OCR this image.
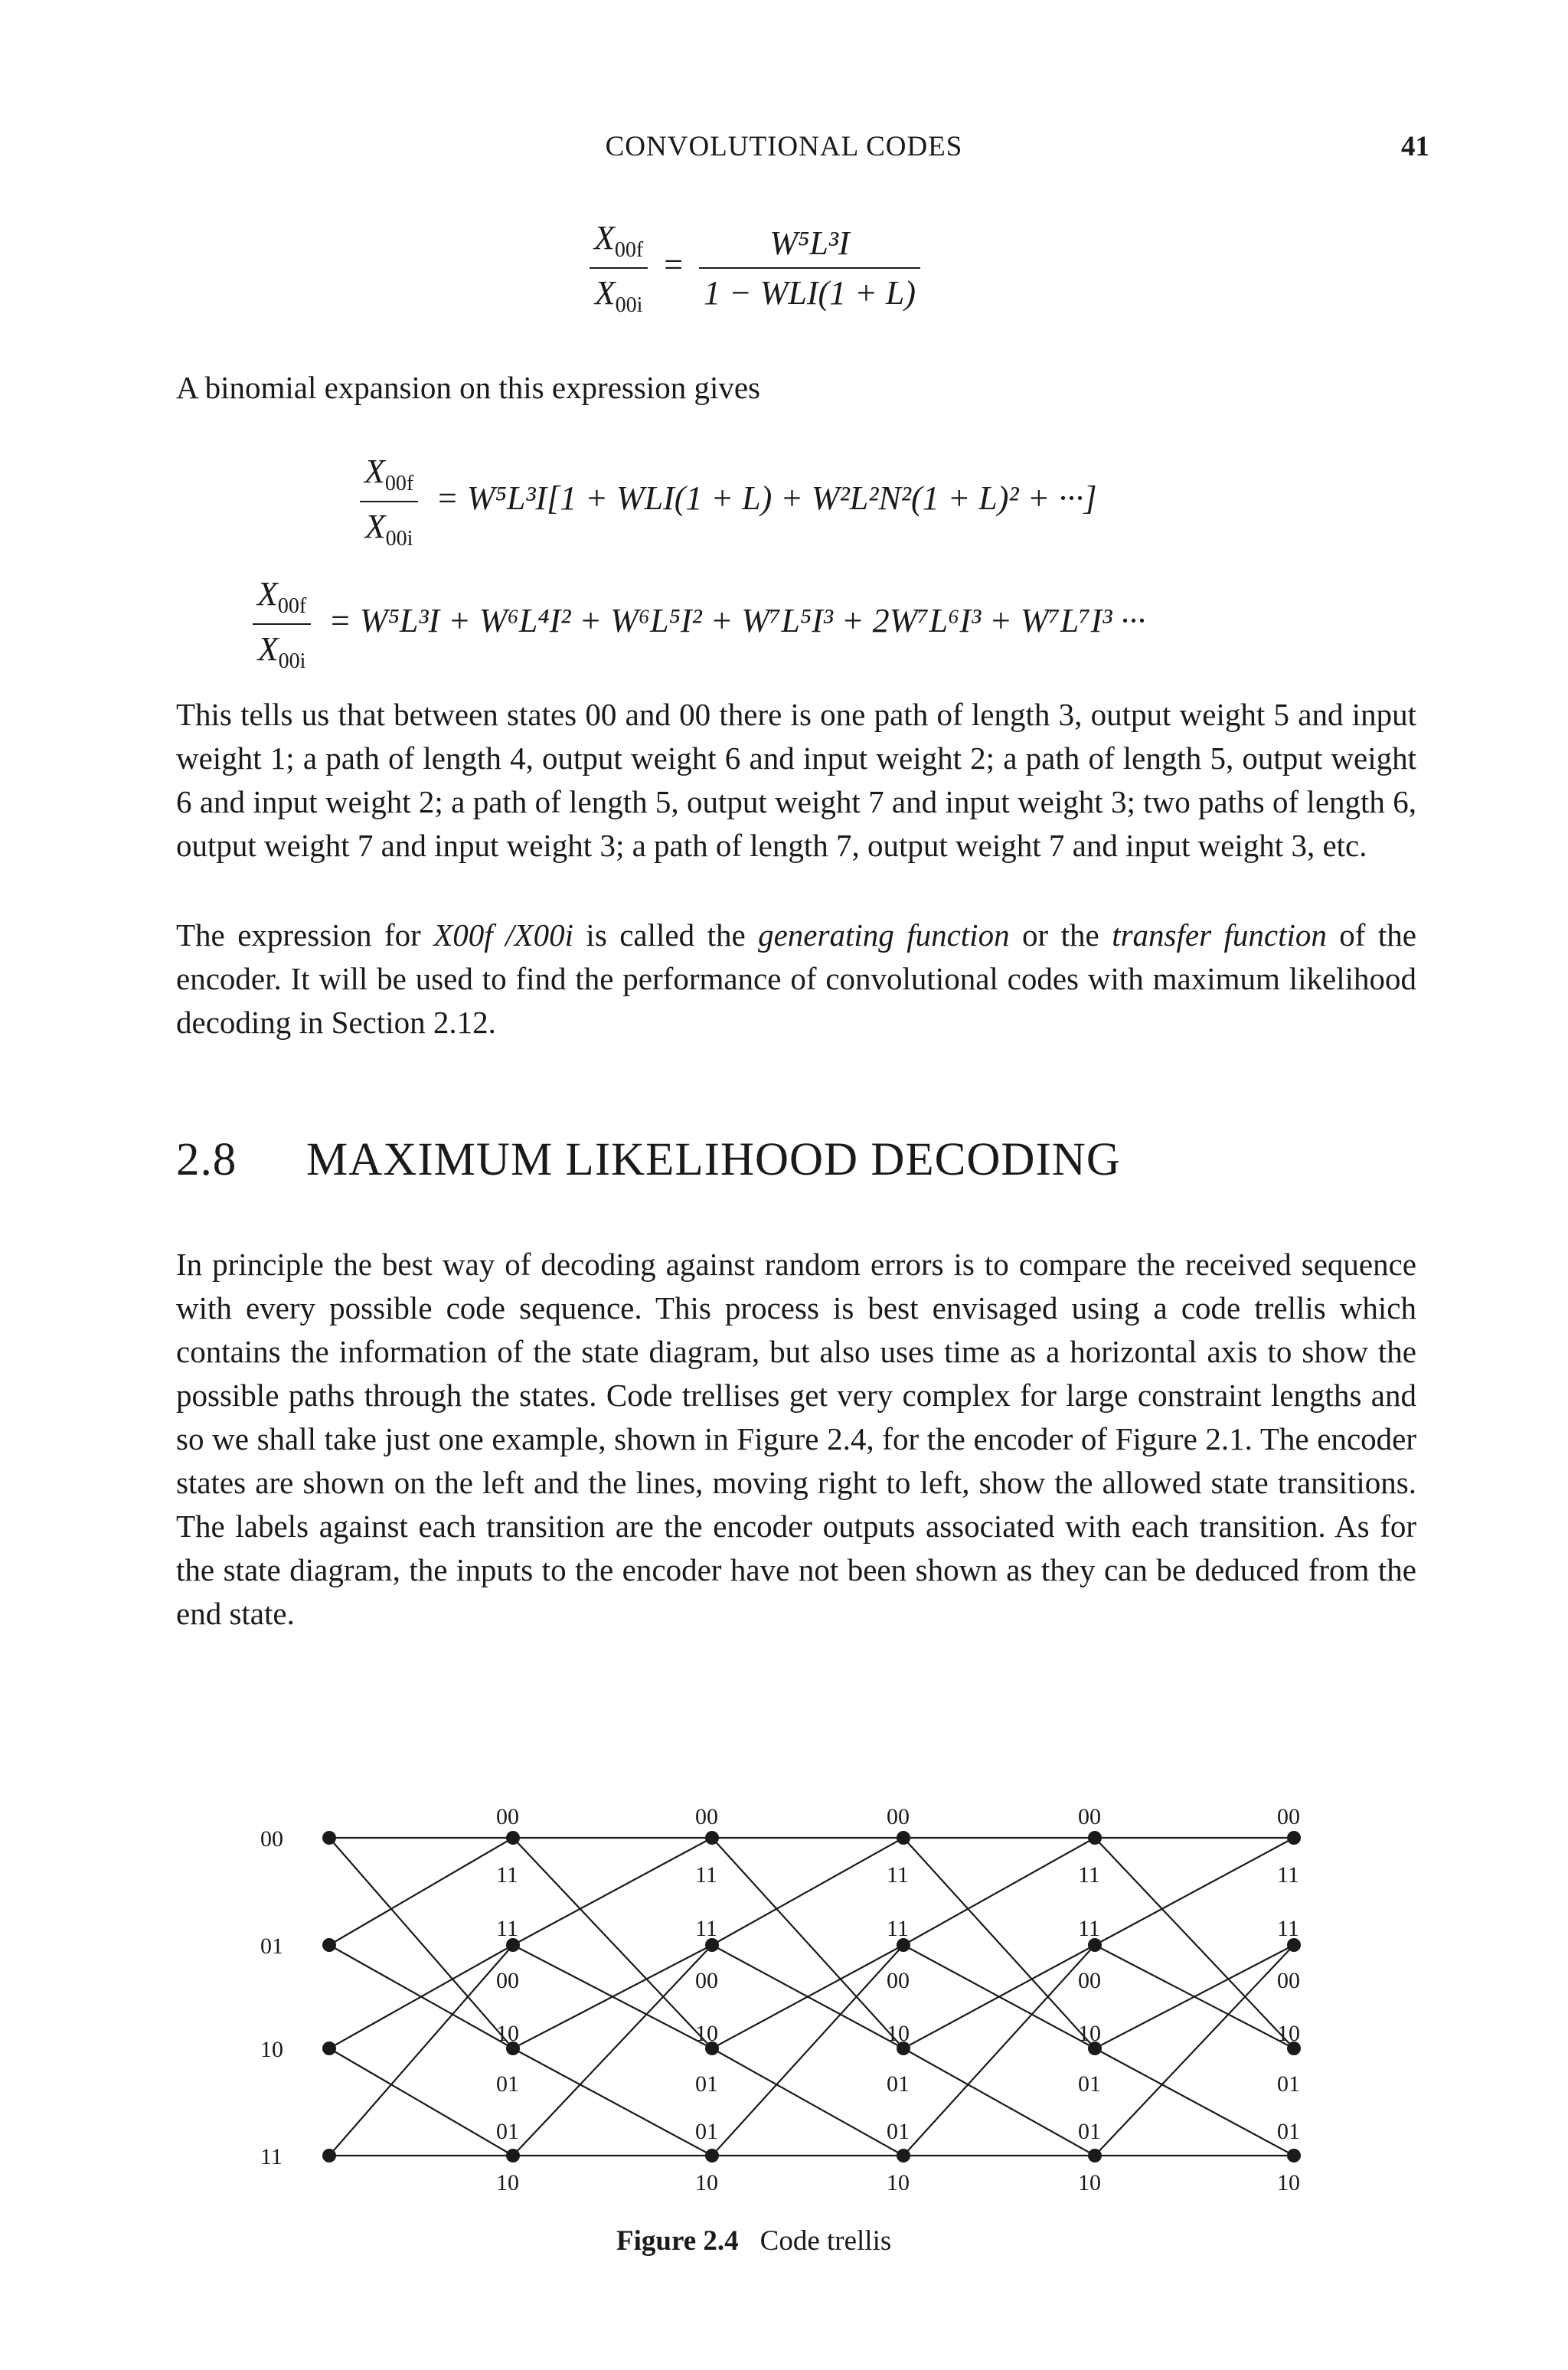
CONVOLUTIONAL CODES	41
$\frac{X_{00f}}{X_{00i}} = \frac{\text{W⁵L³I}}{\text{1 − WLI(1 + L)}}$
A binomial expansion on this expression gives
$\frac{X_{00f}}{X_{00i}} = W^5L^3I[1 + WLI(1 + L) + W^2L^2N^2(1 + L)^2$ + ···]
$\frac{X_{00f}}{X_{00i}} = W^5L^3I + W^6L^4I^2 + W^6L^5I^2 + W^7L^5I^3 + 2W^7L^6I^3 + W^7L^7I^3$ ···
This tells us that between states 00 and 00 there is one path of length 3, output weight 5 and input weight 1; a path of length 4, output weight 6 and input weight 2; a path of length 5, output weight 6 and input weight 2; a path of length 5, output weight 7 and input weight 3; two paths of length 6, output weight 7 and input weight 3; a path of length 7, output weight 7 and input weight 3, etc.
The expression for X00f /X00i is called the generating function or the transfer function of the encoder. It will be used to find the performance of convolutional codes with maximum likelihood decoding in Section 2.12.
2.8 MAXIMUM LIKELIHOOD DECODING
In principle the best way of decoding against random errors is to compare the received sequence with every possible code sequence. This process is best envisaged using a code trellis which contains the information of the state diagram, but also uses time as a horizontal axis to show the possible paths through the states. Code trellises get very complex for large constraint lengths and so we shall take just one example, shown in Figure 2.4, for the encoder of Figure 2.1. The encoder states are shown on the left and the lines, moving right to left, show the allowed state transitions. The labels against each transition are the encoder outputs associated with each transition. As for the state diagram, the inputs to the encoder have not been shown as they can be deduced from the end state.
00
11
11
00
10
01
01
10
00
11
11
00
10
01
01
10
00
11
11
00
10
01
01
10
00
11
11
00
10
01
01
10
00
11
11
00
10
01
01
10
00
01
10
11
Figure 2.4 Code trellis
